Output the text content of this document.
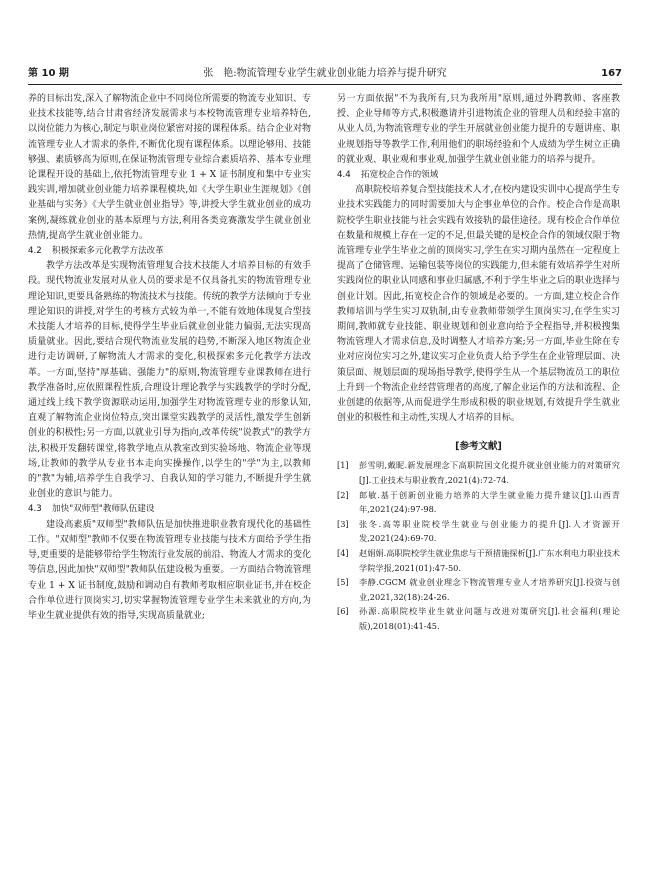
第 10 期	张　艳:物流管理专业学生就业创业能力培养与提升研究	167

养的目标出发,深入了解物流企业中不同岗位所需要的物流专业知识、专业技术技能等,结合甘肃省经济发展需求与本校物流管理专业培养特色,以岗位能力为核心,制定与职业岗位紧密对接的课程体系。结合企业对物流管理专业人才需求的条件,不断优化现有课程体系。以理论够用、技能够强、素质够高为原则,在保证物流管理专业综合素质培养、基本专业理论课程开设的基础上,依托物流管理专业 1 + X 证书制度和集中专业实践实训,增加就业创业能力培养课程模块,如《大学生职业生涯规划》《创业基础与实务》《大学生就业创业指导》等,讲授大学生就业创业的成功案例,凝练就业创业的基本原理与方法,利用各类竞赛激发学生就业创业热情,提高学生就业创业能力。

4.2 积极探索多元化教学方法改革

教学方法改革是实现物流管理复合技术技能人才培养目标的有效手段。现代物流业发展对从业人员的要求是不仅具备扎实的物流管理专业理论知识,更要具备熟练的物流技术与技能。传统的教学方法倾向于专业理论知识的讲授,对学生的考核方式较为单一,不能有效地体现复合型技术技能人才培养的目标,使得学生毕业后就业创业能力偏弱,无法实现高质量就业。因此,要结合现代物流业发展的趋势,不断深入地区物流企业进行走访调研,了解物流人才需求的变化,积极探索多元化教学方法改革。一方面,坚持"厚基础、强能力"的原则,物流管理专业课教师在进行教学准备时,应依照课程性质,合理设计理论教学与实践教学的学时分配,通过线上线下教学资源联动运用,加强学生对物流管理专业的形象认知,直观了解物流企业岗位特点,突出课堂实践教学的灵活性,激发学生创新创业的积极性;另一方面,以就业引导为指向,改革传统"说教式"的教学方法,积极开发翻转课堂,将教学地点从教室改到实验场地、物流企业等现场,让教师的教学从专业书本走向实操操作,以学生的"学"为主,以教师的"教"为辅,培养学生自我学习、自我认知的学习能力,不断提升学生就业创业的意识与能力。

4.3 加快"双师型"教师队伍建设

建设高素质"双师型"教师队伍是加快推进职业教育现代化的基础性工作。"双师型"教师不仅要在物流管理专业技能与技术方面给予学生指导,更重要的是能够带给学生物流行业发展的前沿、物流人才需求的变化等信息,因此加快"双师型"教师队伍建设极为重要。一方面结合物流管理专业 1 + X 证书制度,鼓励和调动自有教师考取相应职业证书,并在校企合作单位进行顶岗实习,切实掌握物流管理专业学生未来就业的方向,为毕业生就业提供有效的指导,实现高质量就业;

另一方面依据"不为我所有,只为我所用"原则,通过外聘教师、客座教授、企业导师等方式,积极邀请并引进物流企业的管理人员和经验丰富的从业人员,为物流管理专业的学生开展就业创业能力提升的专题讲座、职业规划指导等教学工作,利用他们的职场经验和个人成绩为学生树立正确的就业观、职业观和事业观,加强学生就业创业能力的培养与提升。

4.4 拓宽校企合作的领域

高职院校培养复合型技能技术人才,在校内建设实训中心提高学生专业技术实践能力的同时需要加大与企事业单位的合作。校企合作是高职院校学生职业技能与社会实践有效接轨的最佳途径。现有校企合作单位在数量和规模上存在一定的不足,但最关键的是校企合作的领域仅限于物流管理专业学生毕业之前的顶岗实习,学生在实习期内虽然在一定程度上提高了仓储管理、运输包装等岗位的实践能力,但未能有效培养学生对所实践岗位的职业认同感和事业归属感,不利于学生毕业之后的职业选择与创业计划。因此,拓宽校企合作的领域是必要的。一方面,建立校企合作教师培训与学生实习双轨制,由专业教师带领学生顶岗实习,在学生实习期间,教师就专业技能、职业规划和创业意向给予全程指导,并积极搜集物流管理人才需求信息,及时调整人才培养方案;另一方面,毕业生除在专业对应岗位实习之外,建议实习企业负责人给予学生在企业管理层面、决策层面、规划层面的现场指导教学,使得学生从一个基层物流员工的职位上升到一个物流企业经营管理者的高度,了解企业运作的方法和流程、企业创建的依据等,从而促进学生形成积极的职业规划,有效提升学生就业创业的积极性和主动性,实现人才培养的目标。

[参考文献]

[1] 彭雪明,戴昵.新发展理念下高职院国文化提升就业创业能力的对策研究[J].工业技术与职业教育,2021(4):72-74.

[2] 郎敏.基于创新创业能力培养的大学生就业能力提升建议[J].山西青年,2021(24):97-98.

[3] 张冬.高等职业院校学生就业与创业能力的提升[J].人才资源开发,2021(24):69-70.

[4] 赵娟娟.高职院校学生就业焦虑与干预措施探析[J].广东水利电力职业技术学院学报,2021(01):47-50.

[5] 李静.CGCM 就业创业理念下物流管理专业人才培养研究[J].投资与创业,2021,32(18):24-26.

[6] 孙源.高职院校毕业生就业问题与改进对策研究[J].社会福利(理论版),2018(01):41-45.
